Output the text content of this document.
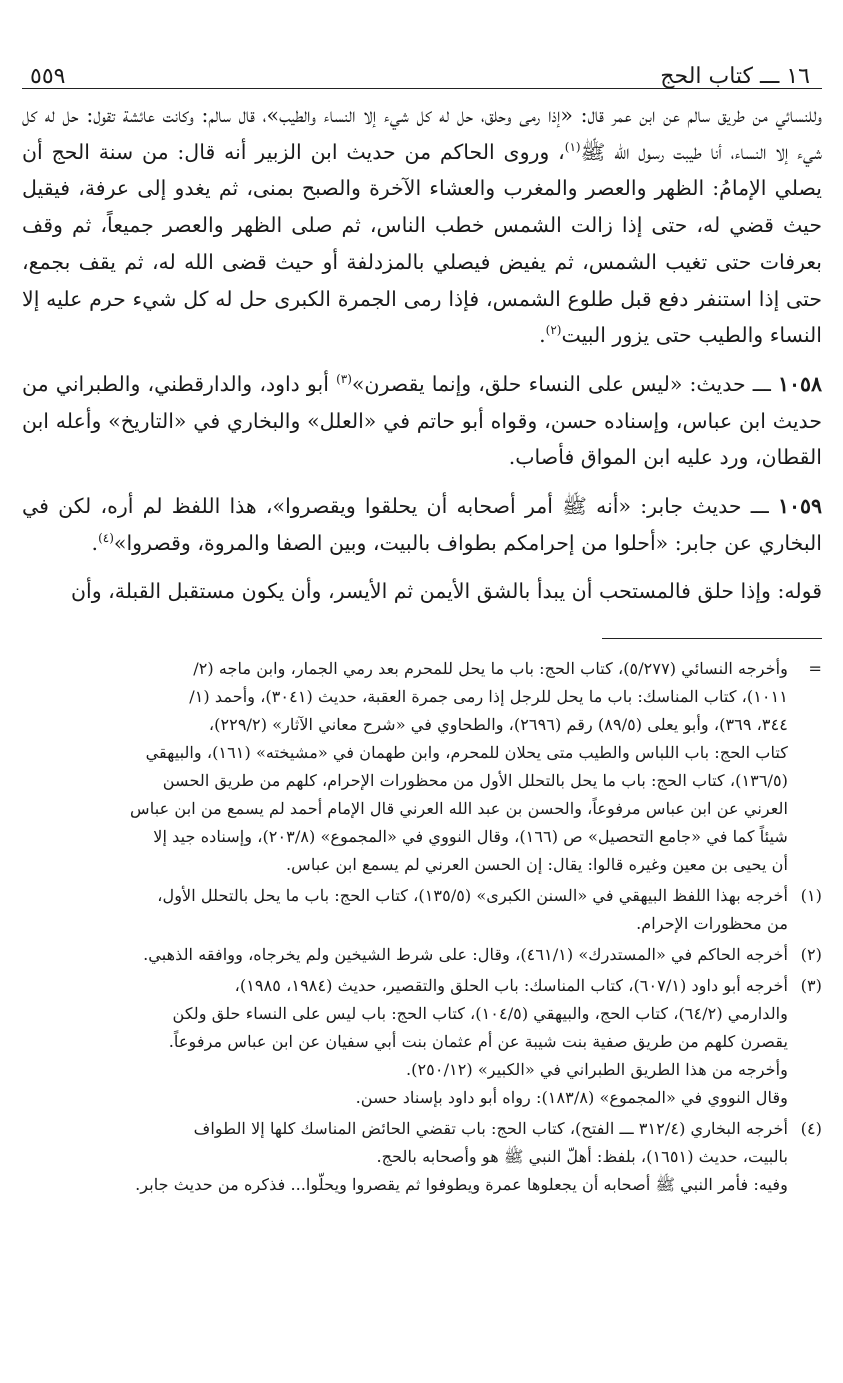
١٦ ـــ كتاب الحج
٥٥٩

وللنسائي من طريق سالم عن ابن عمر قال: «إذا رمى وحلق، حل له كل شيء إلا النساء والطيب»، قال سالم: وكانت عائشة تقول: حل له كل شيء إلا النساء، أنا طيبت رسول الله ﷺ$^{(١)}$، وروى الحاكم من حديث ابن الزبير أنه قال: من سنة الحج أن يصلي الإمامُ: الظهر والعصر والمغرب والعشاء الآخرة والصبح بمنى، ثم يغدو إلى عرفة، فيقيل حيث قضي له، حتى إذا زالت الشمس خطب الناس، ثم صلى الظهر والعصر جميعاً، ثم وقف بعرفات حتى تغيب الشمس، ثم يفيض فيصلي بالمزدلفة أو حيث قضى الله له، ثم يقف بجمع، حتى إذا استنفر دفع قبل طلوع الشمس، فإذا رمى الجمرة الكبرى حل له كل شيء حرم عليه إلا النساء والطيب حتى يزور البيت$^{(٢)}$.

١٠٥٨ ـــ حديث: «ليس على النساء حلق، وإنما يقصرن»$^{(٣)}$ أبو داود، والدارقطني، والطبراني من حديث ابن عباس، وإسناده حسن، وقواه أبو حاتم في «العلل» والبخاري في «التاريخ» وأعله ابن القطان، ورد عليه ابن المواق فأصاب.

١٠٥٩ ـــ حديث جابر: «أنه ﷺ أمر أصحابه أن يحلقوا ويقصروا»، هذا اللفظ لم أره، لكن في البخاري عن جابر: «أحلوا من إحرامكم بطواف بالبيت، وبين الصفا والمروة، وقصروا»$^{(٤)}$.

قوله: وإذا حلق فالمستحب أن يبدأ بالشق الأيمن ثم الأيسر، وأن يكون مستقبل القبلة، وأن

=
وأخرجه النسائي (٥/٢٧٧)، كتاب الحج: باب ما يحل للمحرم بعد رمي الجمار، وابن ماجه (٢/
١٠١١)، كتاب المناسك: باب ما يحل للرجل إذا رمى جمرة العقبة، حديث (٣٠٤١)، وأحمد (١/
٣٤٤، ٣٦٩)، وأبو يعلى (٨٩/٥) رقم (٢٦٩٦)، والطحاوي في «شرح معاني الآثار» (٢٢٩/٢)،
كتاب الحج: باب اللباس والطيب متى يحلان للمحرم، وابن طهمان في «مشيخته» (١٦١)، والبيهقي
(١٣٦/٥)، كتاب الحج: باب ما يحل بالتحلل الأول من محظورات الإحرام، كلهم من طريق الحسن
العرني عن ابن عباس مرفوعاً، والحسن بن عبد الله العرني قال الإمام أحمد لم يسمع من ابن عباس
شيئاً كما في «جامع التحصيل» ص (١٦٦)، وقال النووي في «المجموع» (٢٠٣/٨)، وإسناده جيد إلا
أن يحيى بن معين وغيره قالوا: يقال: إن الحسن العرني لم يسمع ابن عباس.
(١)
أخرجه بهذا اللفظ البيهقي في «السنن الكبرى» (١٣٥/٥)، كتاب الحج: باب ما يحل بالتحلل الأول،
من محظورات الإحرام.
(٢)
أخرجه الحاكم في «المستدرك» (٤٦١/١)، وقال: على شرط الشيخين ولم يخرجاه، ووافقه الذهبي.
(٣)
أخرجه أبو داود (٦٠٧/١)، كتاب المناسك: باب الحلق والتقصير، حديث (١٩٨٤، ١٩٨٥)،
والدارمي (٦٤/٢)، كتاب الحج، والبيهقي (١٠٤/٥)، كتاب الحج: باب ليس على النساء حلق ولكن
يقصرن كلهم من طريق صفية بنت شيبة عن أم عثمان بنت أبي سفيان عن ابن عباس مرفوعاً.
وأخرجه من هذا الطريق الطبراني في «الكبير» (٢٥٠/١٢).
وقال النووي في «المجموع» (١٨٣/٨): رواه أبو داود بإسناد حسن.
(٤)
أخرجه البخاري (٣١٢/٤ ـــ الفتح)، كتاب الحج: باب تقضي الحائض المناسك كلها إلا الطواف
بالبيت، حديث (١٦٥١)، بلفظ: أهلّ النبي ﷺ هو وأصحابه بالحج.
وفيه: فأمر النبي ﷺ أصحابه أن يجعلوها عمرة ويطوفوا ثم يقصروا ويحلّوا... فذكره من حديث جابر.
